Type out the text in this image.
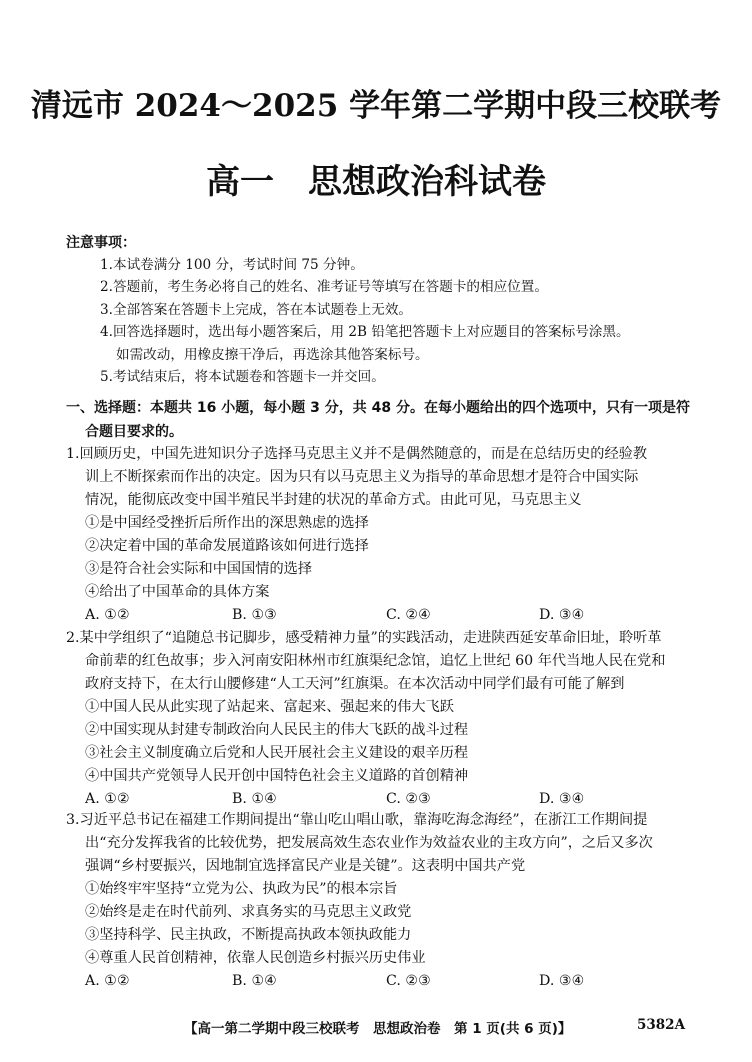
清远市 2024～2025 学年第二学期中段三校联考
高一　思想政治科试卷
注意事项：
1.本试卷满分 100 分，考试时间 75 分钟。
2.答题前，考生务必将自己的姓名、准考证号等填写在答题卡的相应位置。
3.全部答案在答题卡上完成，答在本试题卷上无效。
4.回答选择题时，选出每小题答案后，用 2B 铅笔把答题卡上对应题目的答案标号涂黑。
如需改动，用橡皮擦干净后，再选涂其他答案标号。
5.考试结束后，将本试题卷和答题卡一并交回。
一、选择题：本题共 16 小题，每小题 3 分，共 48 分。在每小题给出的四个选项中，只有一项是符
合题目要求的。
1.回顾历史，中国先进知识分子选择马克思主义并不是偶然随意的，而是在总结历史的经验教
训上不断探索而作出的决定。因为只有以马克思主义为指导的革命思想才是符合中国实际
情况，能彻底改变中国半殖民半封建的状况的革命方式。由此可见，马克思主义
①是中国经受挫折后所作出的深思熟虑的选择
②决定着中国的革命发展道路该如何进行选择
③是符合社会实际和中国国情的选择
④给出了中国革命的具体方案
A. ①②	B. ①③	C. ②④	D. ③④
2.某中学组织了“追随总书记脚步，感受精神力量”的实践活动，走进陕西延安革命旧址，聆听革
命前辈的红色故事；步入河南安阳林州市红旗渠纪念馆，追忆上世纪 60 年代当地人民在党和
政府支持下，在太行山腰修建“人工天河”红旗渠。在本次活动中同学们最有可能了解到
①中国人民从此实现了站起来、富起来、强起来的伟大飞跃
②中国实现从封建专制政治向人民民主的伟大飞跃的战斗过程
③社会主义制度确立后党和人民开展社会主义建设的艰辛历程
④中国共产党领导人民开创中国特色社会主义道路的首创精神
A. ①②	B. ①④	C. ②③	D. ③④
3.习近平总书记在福建工作期间提出“靠山吃山唱山歌，靠海吃海念海经”，在浙江工作期间提
出“充分发挥我省的比较优势，把发展高效生态农业作为效益农业的主攻方向”，之后又多次
强调“乡村要振兴，因地制宜选择富民产业是关键”。这表明中国共产党
①始终牢牢坚持“立党为公、执政为民”的根本宗旨
②始终是走在时代前列、求真务实的马克思主义政党
③坚持科学、民主执政，不断提高执政本领执政能力
④尊重人民首创精神，依靠人民创造乡村振兴历史伟业
A. ①②	B. ①④	C. ②③	D. ③④
【高一第二学期中段三校联考　思想政治卷　第 1 页(共 6 页)】	5382A
